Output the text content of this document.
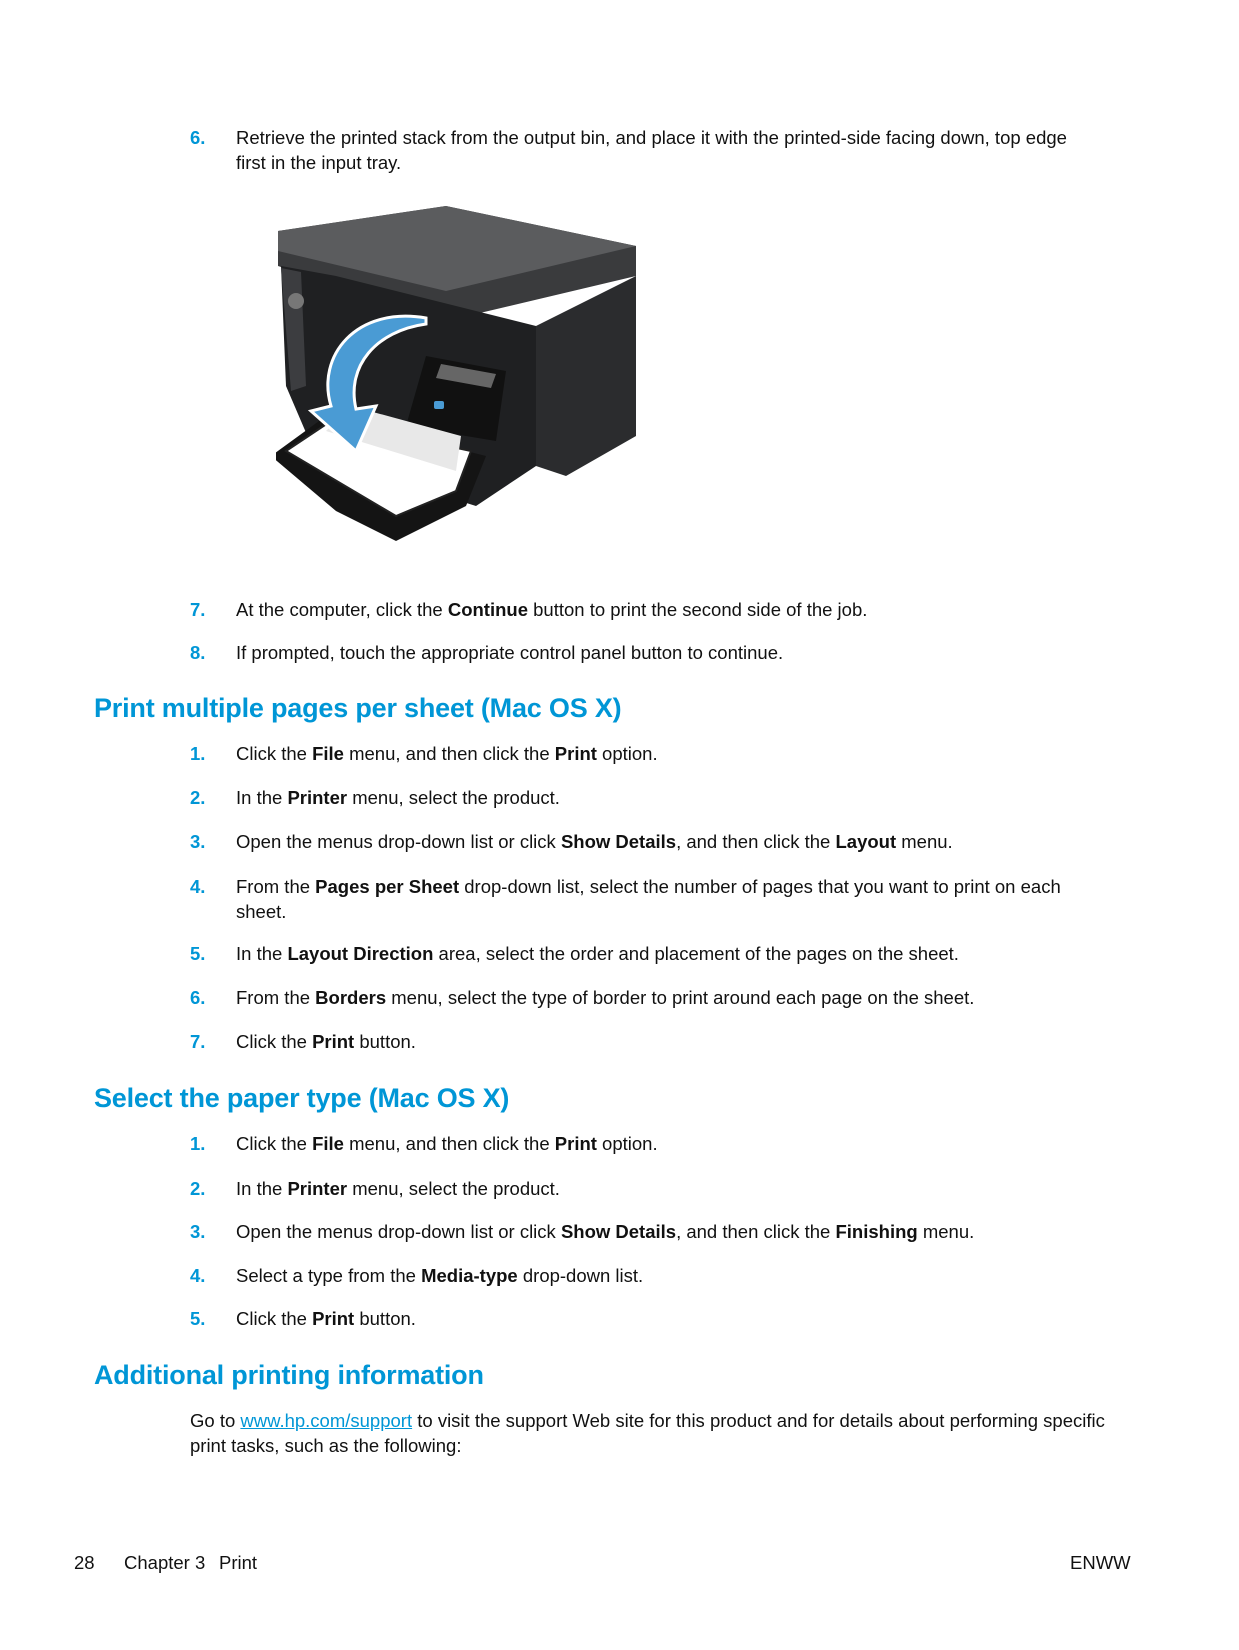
6. Retrieve the printed stack from the output bin, and place it with the printed-side facing down, top edge first in the input tray.
7. At the computer, click the Continue button to print the second side of the job.
8. If prompted, touch the appropriate control panel button to continue.
Print multiple pages per sheet (Mac OS X)
1. Click the File menu, and then click the Print option.
2. In the Printer menu, select the product.
3. Open the menus drop-down list or click Show Details, and then click the Layout menu.
4. From the Pages per Sheet drop-down list, select the number of pages that you want to print on each sheet.
5. In the Layout Direction area, select the order and placement of the pages on the sheet.
6. From the Borders menu, select the type of border to print around each page on the sheet.
7. Click the Print button.
Select the paper type (Mac OS X)
1. Click the File menu, and then click the Print option.
2. In the Printer menu, select the product.
3. Open the menus drop-down list or click Show Details, and then click the Finishing menu.
4. Select a type from the Media-type drop-down list.
5. Click the Print button.
Additional printing information
Go to www.hp.com/support to visit the support Web site for this product and for details about performing specific print tasks, such as the following:
28 Chapter 3 Print	ENWW
